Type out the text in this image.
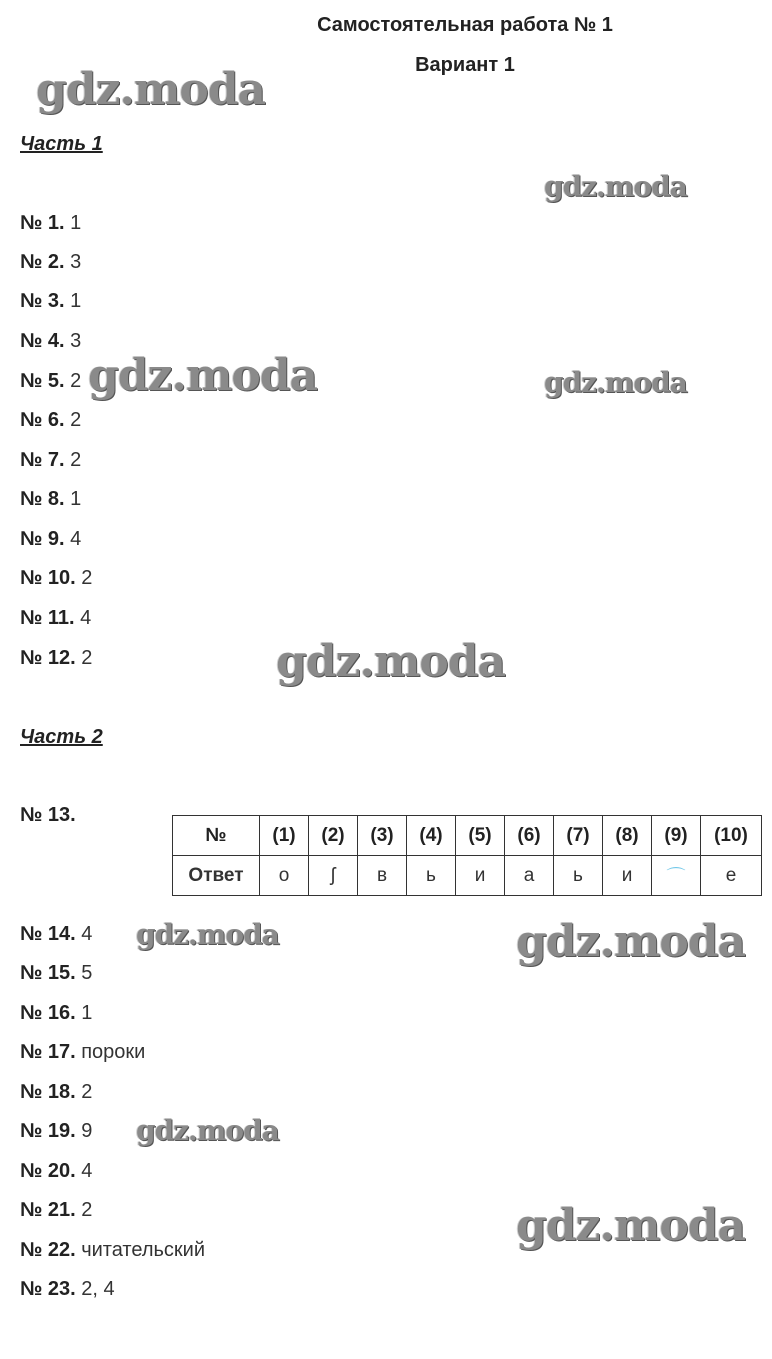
Самостоятельная работа № 1
Вариант 1
Часть 1
№ 1. 1
№ 2. 3
№ 3. 1
№ 4. 3
№ 5. 2
№ 6. 2
№ 7. 2
№ 8. 1
№ 9. 4
№ 10. 2
№ 11. 4
№ 12. 2
Часть 2
№ 13.
№	(1)	(2)	(3)	(4)	(5)	(6)	(7)	(8)	(9)	(10)
Ответ	о	ʃ	в	ь	и	а	ь	и	⌒	е
№ 14. 4
№ 15. 5
№ 16. 1
№ 17. пороки
№ 18. 2
№ 19. 9
№ 20. 4
№ 21. 2
№ 22. читательский
№ 23. 2, 4
gdz.moda
gdz.moda
gdz.moda	gdz.moda
gdz.moda
gdz.moda	gdz.moda
gdz.moda
gdz.moda
